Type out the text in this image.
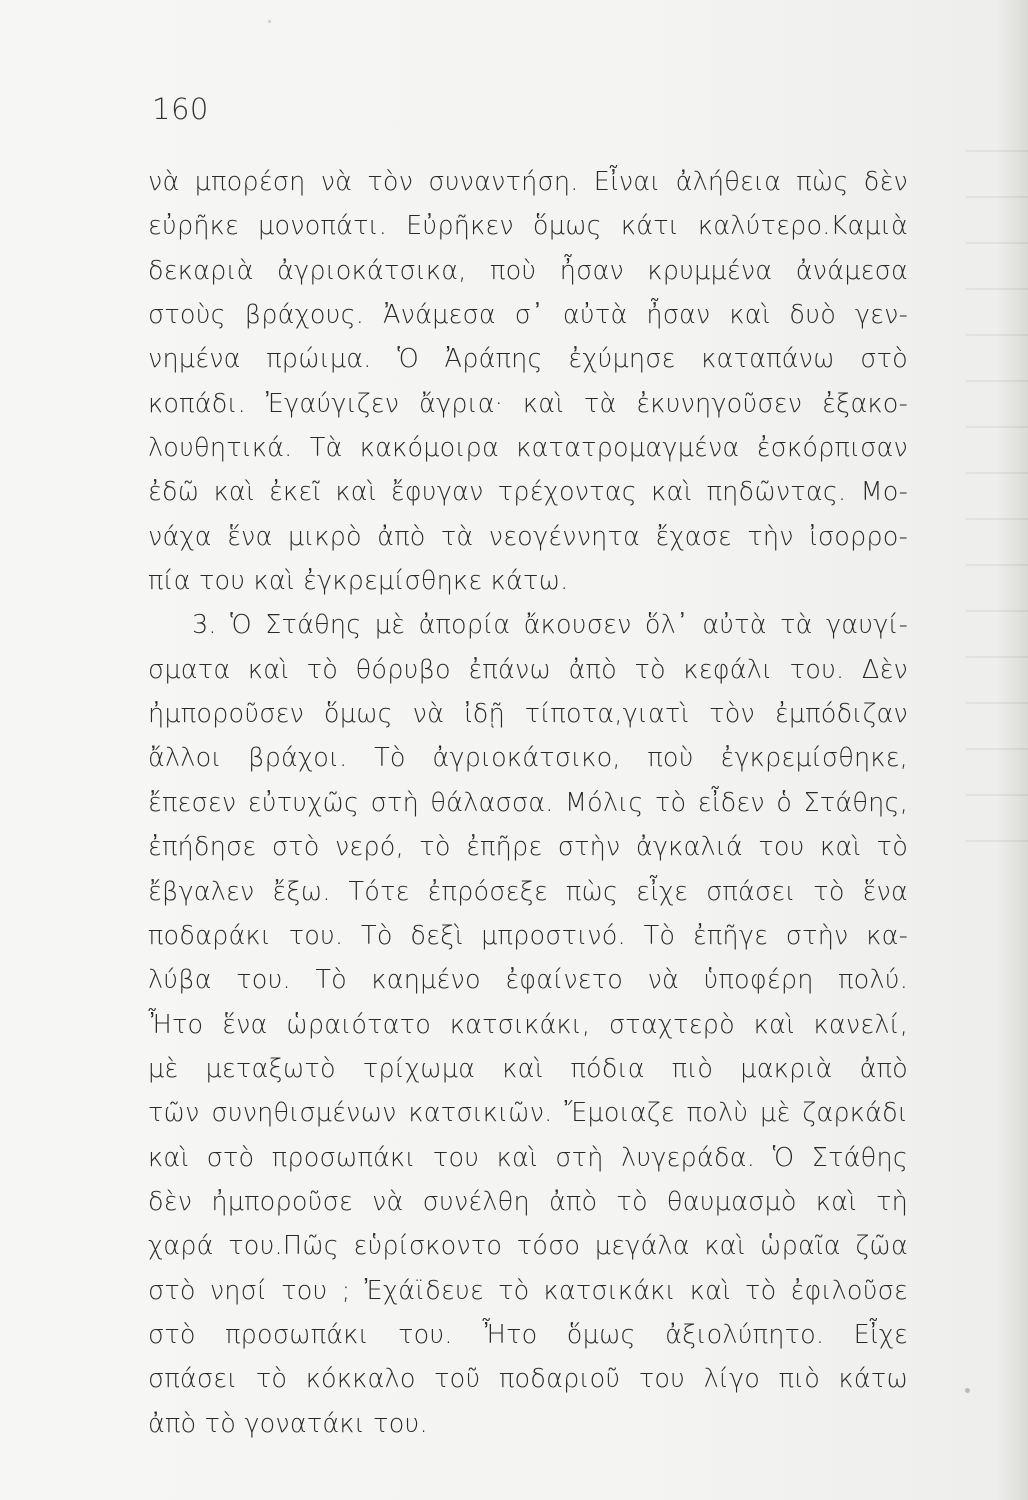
160
νὰ μπορέση νὰ τὸν συναντήση. Εἶναι ἀλήθεια πὼς δὲν
εὐρῆκε μονοπάτι. Εὐρῆκεν ὅμως κάτι καλύτερο.Καμιὰ
δεκαριὰ ἀγριοκάτσικα, ποὺ ἦσαν κρυμμένα ἀνάμεσα
στοὺς βράχους. Ἀνάμεσα σ᾿ αὐτὰ ἦσαν καὶ δυὸ γεν-
νημένα πρώιμα. Ὁ Ἀράπης ἐχύμησε καταπάνω στὸ
κοπάδι. Ἐγαύγιζεν ἄγρια· καὶ τὰ ἐκυνηγοῦσεν ἐξακο-
λουθητικά. Τὰ κακόμοιρα κατατρομαγμένα ἐσκόρπισαν
ἐδῶ καὶ ἐκεῖ καὶ ἔφυγαν τρέχοντας καὶ πηδῶντας. Μο-
νάχα ἕνα μικρὸ ἀπὸ τὰ νεογέννητα ἔχασε τὴν ἰσορρο-
πία του καὶ ἐγκρεμίσθηκε κάτω.
3. Ὁ Στάθης μὲ ἀπορία ἄκουσεν ὅλ᾿ αὐτὰ τὰ γαυγί-
σματα καὶ τὸ θόρυβο ἐπάνω ἀπὸ τὸ κεφάλι του. Δὲν
ἠμποροῦσεν ὅμως νὰ ἰδῇ τίποτα,γιατὶ τὸν ἐμπόδιζαν
ἄλλοι βράχοι. Τὸ ἀγριοκάτσικο, ποὺ ἐγκρεμίσθηκε,
ἔπεσεν εὐτυχῶς στὴ θάλασσα. Μόλις τὸ εἶδεν ὁ Στάθης,
ἐπήδησε στὸ νερό, τὸ ἐπῆρε στὴν ἀγκαλιά του καὶ τὸ
ἔβγαλεν ἔξω. Τότε ἐπρόσεξε πὼς εἶχε σπάσει τὸ ἕνα
ποδαράκι του. Τὸ δεξὶ μπροστινό. Τὸ ἐπῆγε στὴν κα-
λύβα του. Τὸ καημένο ἐφαίνετο νὰ ὑποφέρη πολύ.
Ἦτο ἕνα ὡραιότατο κατσικάκι, σταχτερὸ καὶ κανελί,
μὲ μεταξωτὸ τρίχωμα καὶ πόδια πιὸ μακριὰ ἀπὸ
τῶν συνηθισμένων κατσικιῶν. Ἔμοιαζε πολὺ μὲ ζαρκάδι
καὶ στὸ προσωπάκι του καὶ στὴ λυγεράδα. Ὁ Στάθης
δὲν ἠμποροῦσε νὰ συνέλθη ἀπὸ τὸ θαυμασμὸ καὶ τὴ
χαρά του.Πῶς εὑρίσκοντο τόσο μεγάλα καὶ ὡραῖα ζῶα
στὸ νησί του ; Ἐχάϊδευε τὸ κατσικάκι καὶ τὸ ἐφιλοῦσε
στὸ προσωπάκι του. Ἦτο ὅμως ἀξιολύπητο. Εἶχε
σπάσει τὸ κόκκαλο τοῦ ποδαριοῦ του λίγο πιὸ κάτω
ἀπὸ τὸ γονατάκι του.
